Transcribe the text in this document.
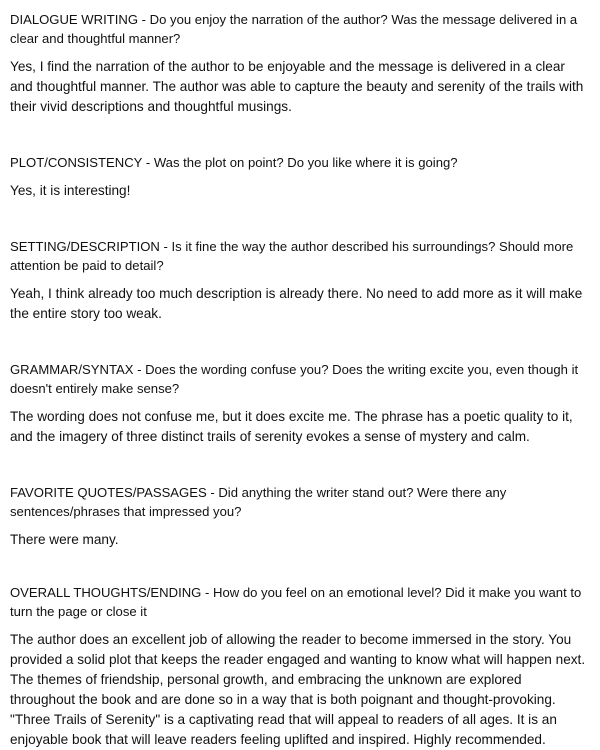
DIALOGUE WRITING - Do you enjoy the narration of the author? Was the message delivered in a clear and thoughtful manner?

Yes, I find the narration of the author to be enjoyable and the message is delivered in a clear and thoughtful manner. The author was able to capture the beauty and serenity of the trails with their vivid descriptions and thoughtful musings.

PLOT/CONSISTENCY - Was the plot on point? Do you like where it is going?

Yes, it is interesting!

SETTING/DESCRIPTION - Is it fine the way the author described his surroundings? Should more attention be paid to detail?

Yeah, I think already too much description is already there. No need to add more as it will make the entire story too weak.

GRAMMAR/SYNTAX - Does the wording confuse you? Does the writing excite you, even though it doesn't entirely make sense?

The wording does not confuse me, but it does excite me. The phrase has a poetic quality to it, and the imagery of three distinct trails of serenity evokes a sense of mystery and calm.

FAVORITE QUOTES/PASSAGES - Did anything the writer stand out? Were there any sentences/phrases that impressed you?

There were many.

OVERALL THOUGHTS/ENDING - How do you feel on an emotional level? Did it make you want to turn the page or close it

The author does an excellent job of allowing the reader to become immersed in the story. You provided a solid plot that keeps the reader engaged and wanting to know what will happen next. The themes of friendship, personal growth, and embracing the unknown are explored throughout the book and are done so in a way that is both poignant and thought-provoking. "Three Trails of Serenity" is a captivating read that will appeal to readers of all ages. It is an enjoyable book that will leave readers feeling uplifted and inspired. Highly recommended.
